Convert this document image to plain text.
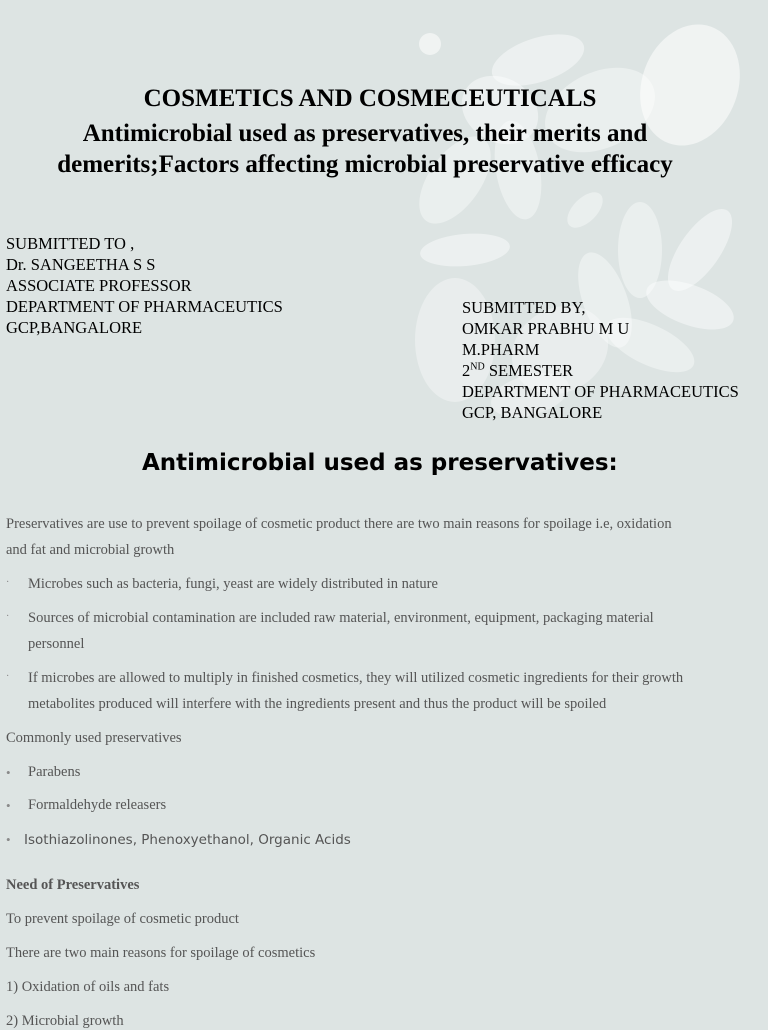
COSMETICS AND COSMECEUTICALS
Antimicrobial used as preservatives, their merits and
demerits;Factors affecting microbial preservative efficacy
SUBMITTED TO ,
Dr. SANGEETHA S S
ASSOCIATE PROFESSOR
DEPARTMENT OF PHARMACEUTICS
GCP,BANGALORE
SUBMITTED BY,
OMKAR PRABHU M U
M.PHARM
2ND SEMESTER
DEPARTMENT OF PHARMACEUTICS
GCP, BANGALORE
Antimicrobial used as preservatives:
Preservatives are use to prevent spoilage of cosmetic product there are two main reasons for spoilage i.e, oxidation
and fat and microbial growth
· Microbes such as bacteria, fungi, yeast are widely distributed in nature
· Sources of microbial contamination are included raw material, environment, equipment, packaging material
personnel
· If microbes are allowed to multiply in finished cosmetics, they will utilized cosmetic ingredients for their growth
metabolites produced will interfere with the ingredients present and thus the product will be spoiled
Commonly used preservatives
• Parabens
• Formaldehyde releasers
• Isothiazolinones, Phenoxyethanol, Organic Acids
Need of Preservatives
To prevent spoilage of cosmetic product
There are two main reasons for spoilage of cosmetics
1) Oxidation of oils and fats
2) Microbial growth
